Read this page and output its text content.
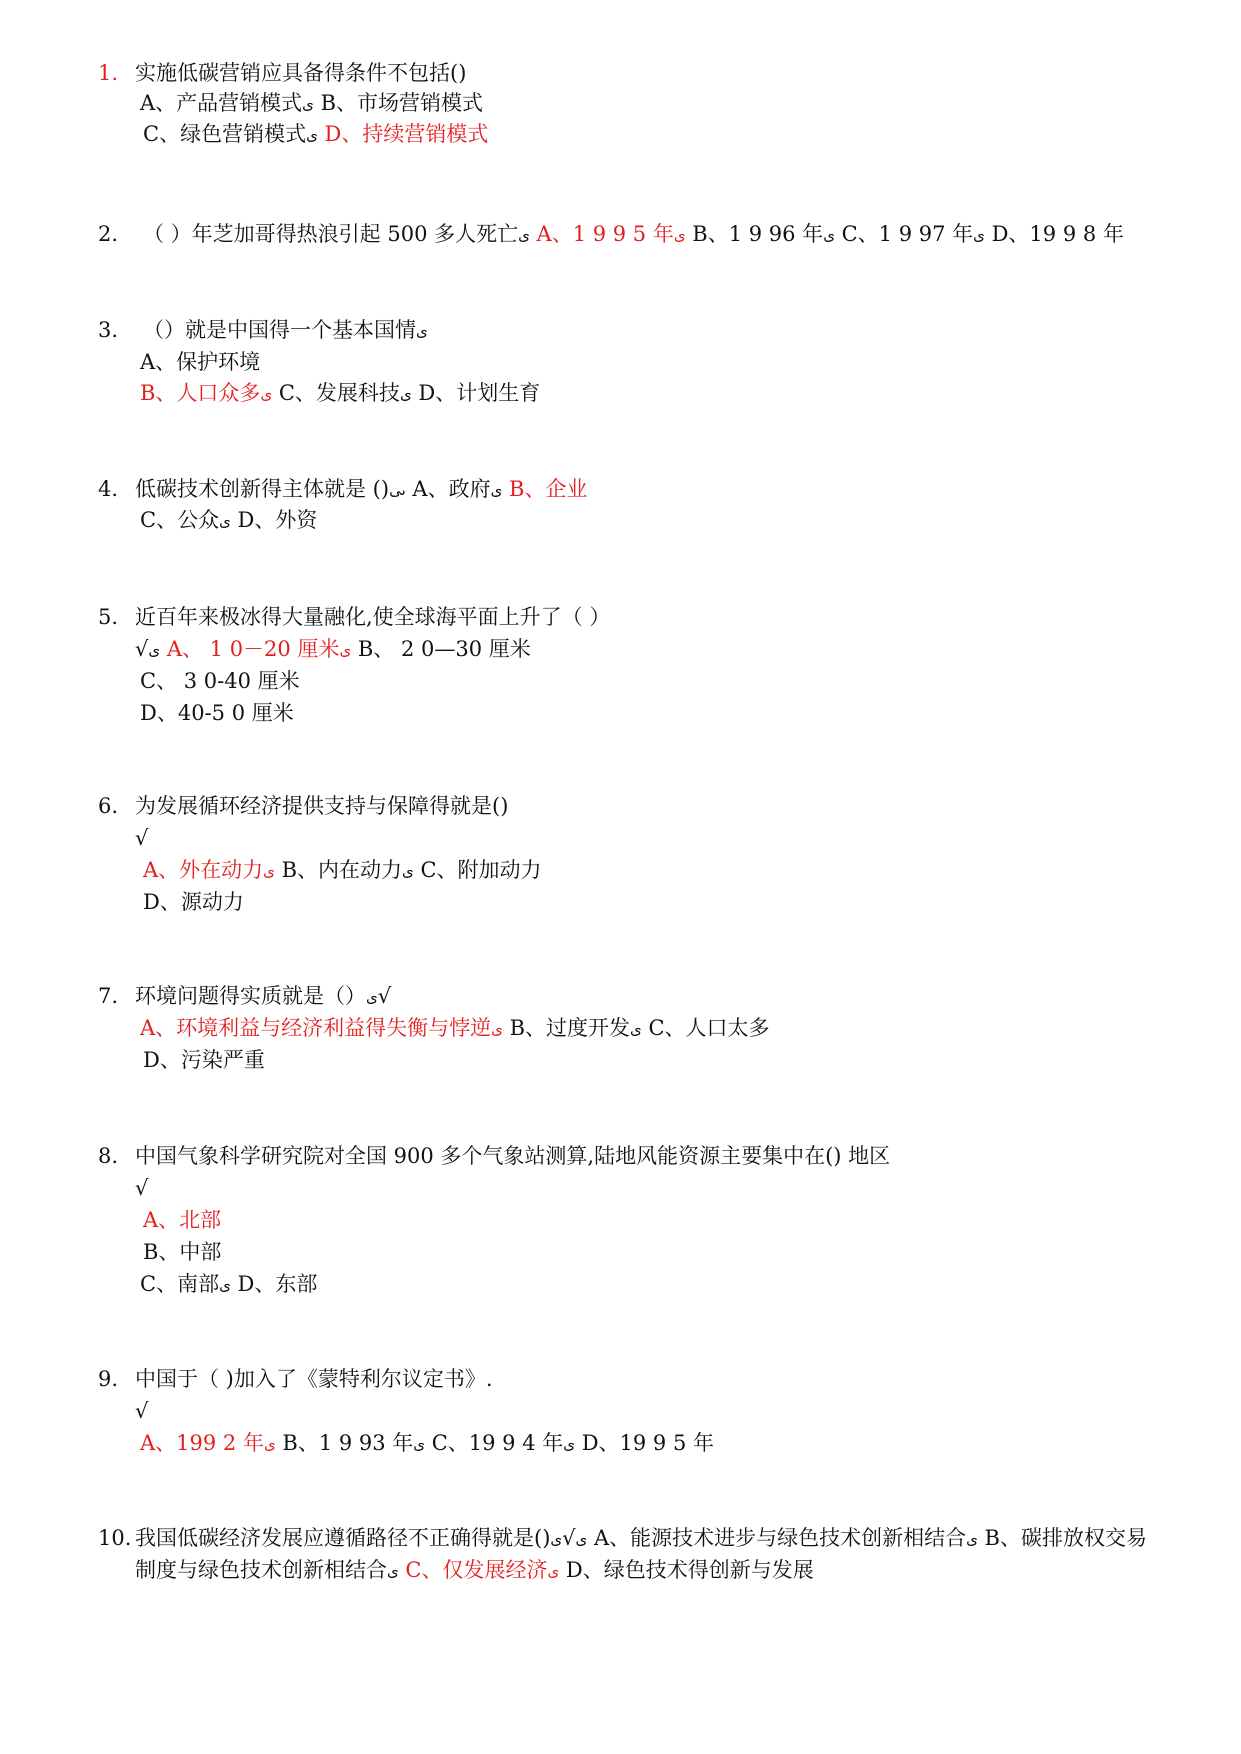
1. 实施低碳营销应具备得条件不包括()
A、产品营销模式ى B、市场营销模式
C、绿色营销模式ى D、持续营销模式
2. （ ）年芝加哥得热浪引起 500 多人死亡ى A、1 9 9 5 年ى B、1 9 96 年ى C、1 9 97 年ى D、19 9 8 年
3. （）就是中国得一个基本国情ى
A、保护环境
B、人口众多ى C、发展科技ى D、计划生育
4. 低碳技术创新得主体就是 ()ىى A、政府ى B、企业
C、公众ى D、外资
5. 近百年来极冰得大量融化,使全球海平面上升了（ ）
√ى A、 1 0－20 厘米ى B、 2 0—30 厘米
C、 3 0-40 厘米
D、40-5 0 厘米
6. 为发展循环经济提供支持与保障得就是()
√
A、外在动力ى B、内在动力ى C、附加动力
D、源动力
7. 环境问题得实质就是（）ى√
A、环境利益与经济利益得失衡与悖逆ى B、过度开发ى C、人口太多
D、污染严重
8. 中国气象科学研究院对全国 900 多个气象站测算,陆地风能资源主要集中在() 地区
√
A、北部
B、中部
C、南部ى D、东部
9. 中国于（ )加入了《蒙特利尔议定书》.
√
A、199 2 年ى B、1 9 93 年ى C、19 9 4 年ى D、19 9 5 年
10. 我国低碳经济发展应遵循路径不正确得就是() ى√ى A、能源技术进步与绿色技术创新相结合ى B、碳排放权交易
制度与绿色技术创新相结合ى C、仅发展经济ى D、绿色技术得创新与发展
